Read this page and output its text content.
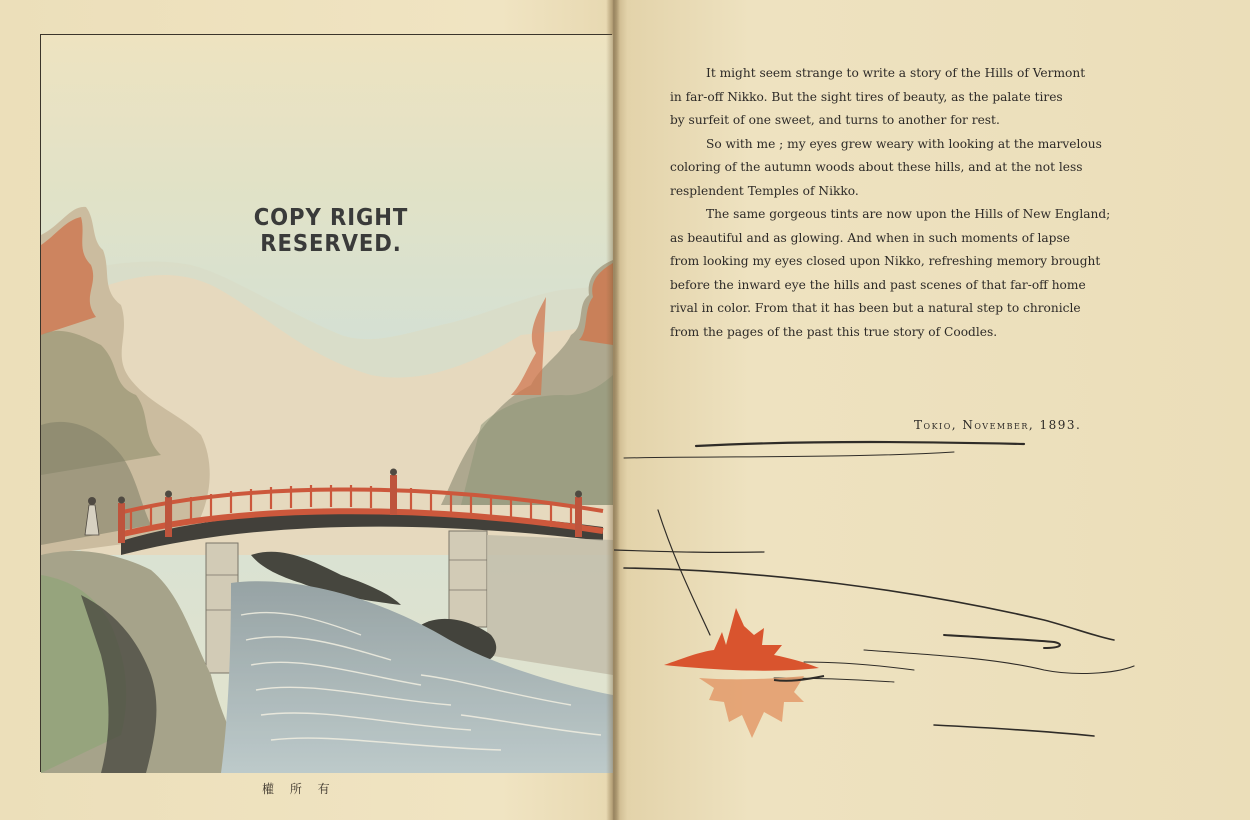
COPY RIGHT RESERVED.
權 所 有

It might seem strange to write a story of the Hills of Vermont
in far-off Nikko. But the sight tires of beauty, as the palate tires
by surfeit of one sweet, and turns to another for rest.

So with me ; my eyes grew weary with looking at the marvelous
coloring of the autumn woods about these hills, and at the not less
resplendent Temples of Nikko.

The same gorgeous tints are now upon the Hills of New England;
as beautiful and as glowing. And when in such moments of lapse
from looking my eyes closed upon Nikko, refreshing memory brought
before the inward eye the hills and past scenes of that far-off home
rival in color. From that it has been but a natural step to chronicle
from the pages of the past this true story of Coodles.

Tokio, November, 1893.
